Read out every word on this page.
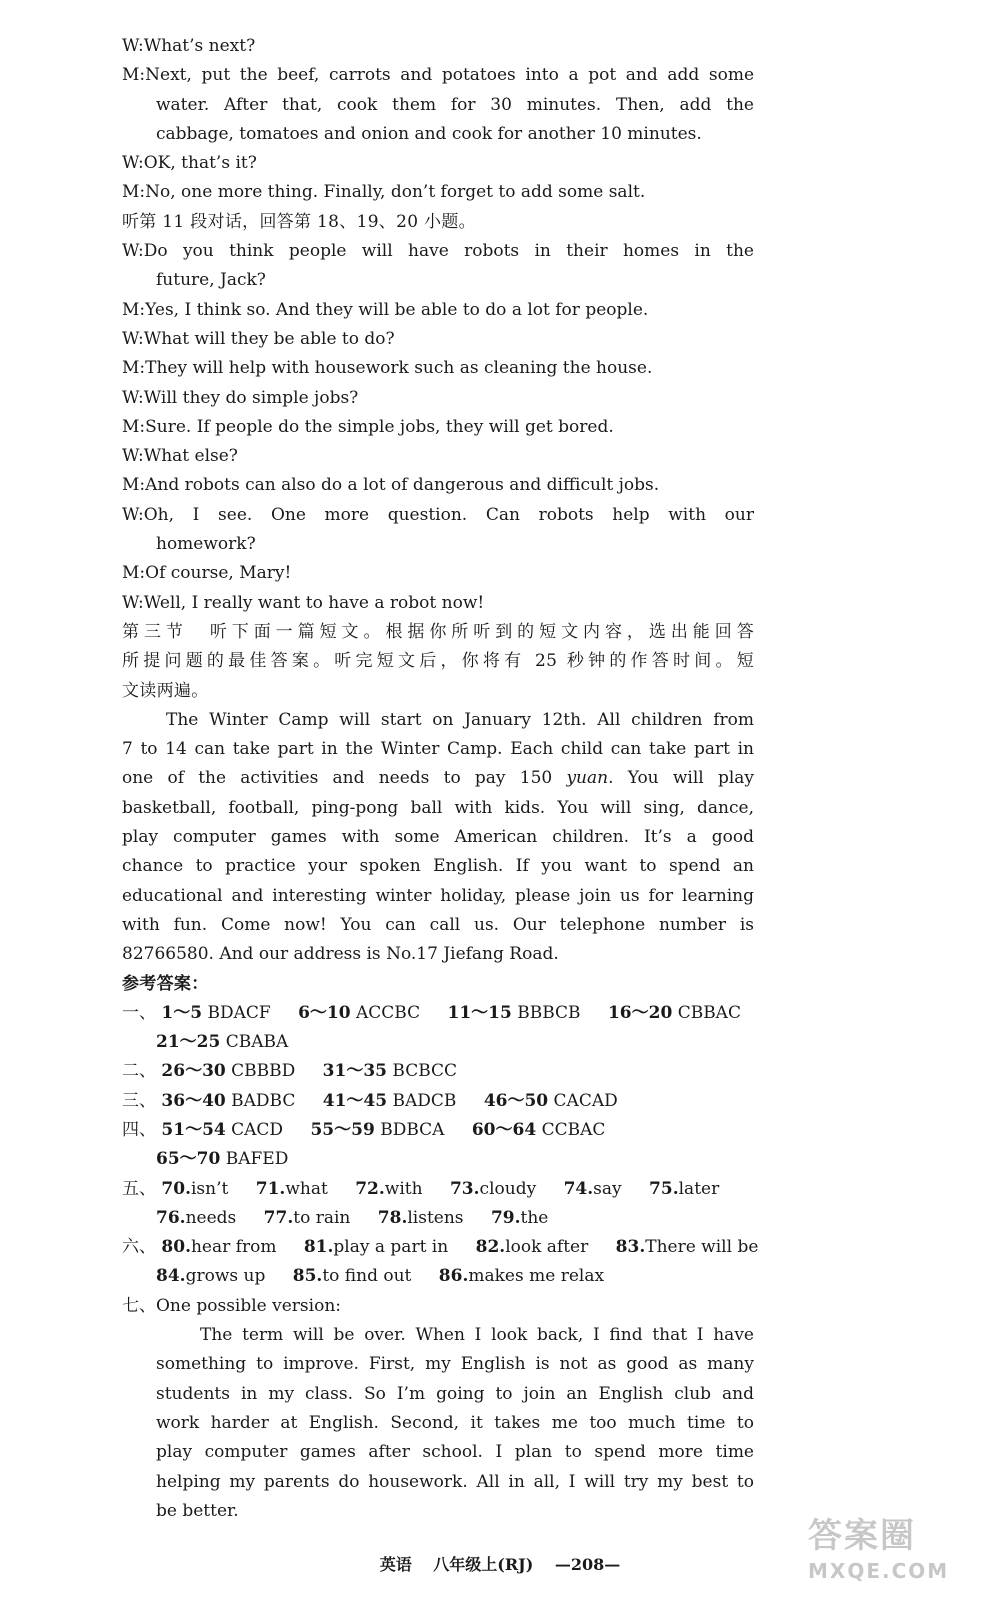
W:What’s next?
M:Next, put the beef, carrots and potatoes into a pot and add some
water. After that, cook them for 30 minutes. Then, add the
cabbage, tomatoes and onion and cook for another 10 minutes.
W:OK, that’s it?
M:No, one more thing. Finally, don’t forget to add some salt.
听第 11 段对话，回答第 18、19、20 小题。
W:Do you think people will have robots in their homes in the
future, Jack?
M:Yes, I think so. And they will be able to do a lot for people.
W:What will they be able to do?
M:They will help with housework such as cleaning the house.
W:Will they do simple jobs?
M:Sure. If people do the simple jobs, they will get bored.
W:What else?
M:And robots can also do a lot of dangerous and difficult jobs.
W:Oh, I see. One more question. Can robots help with our
homework?
M:Of course, Mary!
W:Well, I really want to have a robot now!
第三节　听下面一篇短文。根据你所听到的短文内容，选出能回答
所提问题的最佳答案。听完短文后，你将有 25 秒钟的作答时间。短
文读两遍。
The Winter Camp will start on January 12th. All children from
7 to 14 can take part in the Winter Camp. Each child can take part in
one of the activities and needs to pay 150 yuan. You will play
basketball, football, ping-pong ball with kids. You will sing, dance,
play computer games with some American children. It’s a good
chance to practice your spoken English. If you want to spend an
educational and interesting winter holiday, please join us for learning
with fun. Come now! You can call us. Our telephone number is
82766580. And our address is No.17 Jiefang Road.
参考答案：
一、 1～5 BDACF 6～10 ACCBC 11～15 BBBCB 16～20 CBBAC
21～25 CBABA
二、 26～30 CBBBD 31～35 BCBCC
三、 36～40 BADBC 41～45 BADCB 46～50 CACAD
四、 51～54 CACD 55～59 BDBCA 60～64 CCBAC
65～70 BAFED
五、 70.isn’t 71.what 72.with 73.cloudy 74.say 75.later
76.needs 77.to rain 78.listens 79.the
六、 80.hear from 81.play a part in 82.look after 83.There will be
84.grows up 85.to find out 86.makes me relax
七、One possible version:
The term will be over. When I look back, I find that I have
something to improve. First, my English is not as good as many
students in my class. So I’m going to join an English club and
work harder at English. Second, it takes me too much time to
play computer games after school. I plan to spend more time
helping my parents do housework. All in all, I will try my best to
be better.
英语 八年级上(RJ) —208—
答案圈
MXQE.COM
